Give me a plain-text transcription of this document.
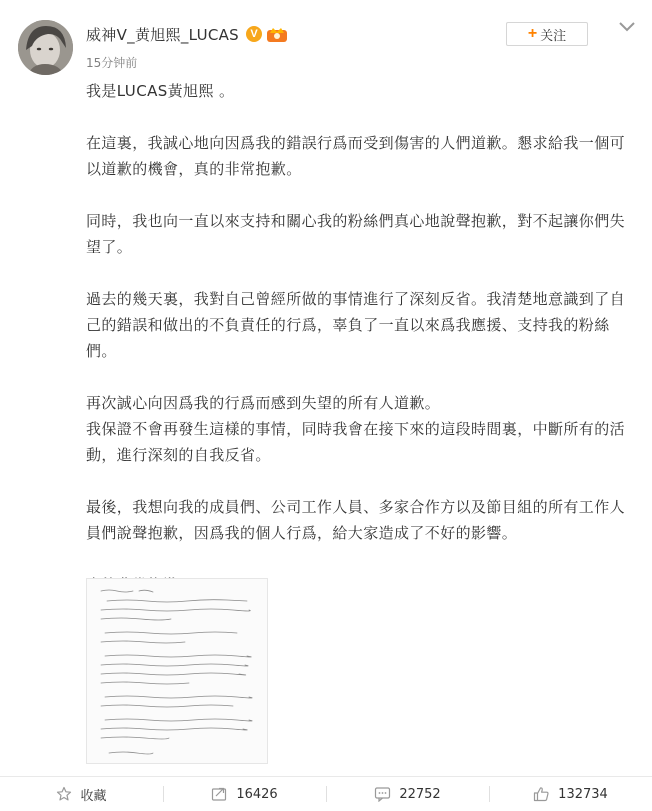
威神V_黄旭熙_LUCAS	V
15分钟前
+ 关注

我是LUCAS黃旭熙 。

在這裏，我誠心地向因爲我的錯誤行爲而受到傷害的人們道歉。懇求給我一個可以道歉的機會，真的非常抱歉。

同時，我也向一直以來支持和關心我的粉絲們真心地說聲抱歉，對不起讓你們失望了。

過去的幾天裏，我對自己曾經所做的事情進行了深刻反省。我清楚地意識到了自己的錯誤和做出的不負責任的行爲，辜負了一直以來爲我應援、支持我的粉絲們。

再次誠心向因爲我的行爲而感到失望的所有人道歉。
我保證不會再發生這樣的事情，同時我會在接下來的這段時間裏，中斷所有的活動，進行深刻的自我反省。

最後，我想向我的成員們、公司工作人員、多家合作方以及節目組的所有工作人員們說聲抱歉，因爲我的個人行爲，給大家造成了不好的影響。

收藏	16426	22752	132734
